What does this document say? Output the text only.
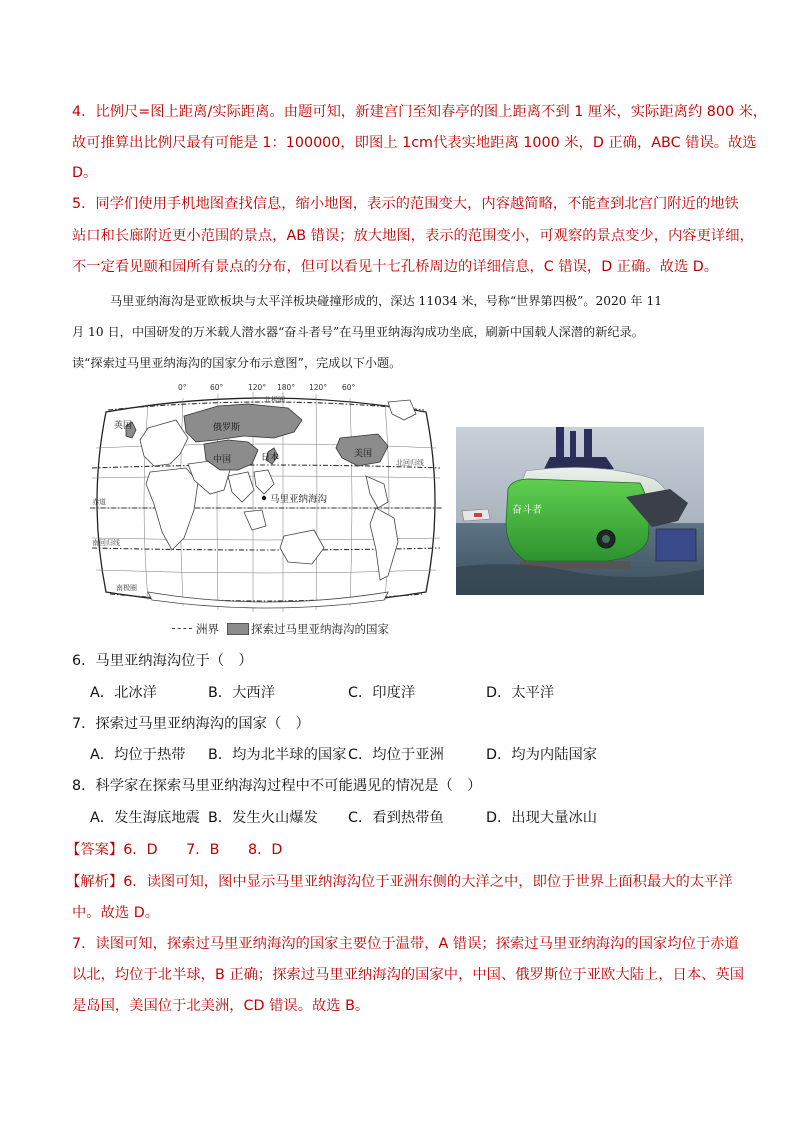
4．比例尺=图上距离/实际距离。由题可知，新建宫门至知春亭的图上距离不到 1 厘米，实际距离约 800 米，
故可推算出比例尺最有可能是 1：100000，即图上 1cm代表实地距离 1000 米，D 正确，ABC 错误。故选
D。
5．同学们使用手机地图查找信息，缩小地图，表示的范围变大，内容越简略，不能查到北宫门附近的地铁
站口和长廊附近更小范围的景点，AB 错误；放大地图，表示的范围变小，可观察的景点变少，内容更详细，
不一定看见颐和园所有景点的分布，但可以看见十七孔桥周边的详细信息，C 错误，D 正确。故选 D。
马里亚纳海沟是亚欧板块与太平洋板块碰撞形成的，深达 11034 米，号称“世界第四极”。2020 年 11
月 10 日，中国研发的万米载人潜水器“奋斗者号”在马里亚纳海沟成功坐底，刷新中国载人深潜的新纪录。
读“探索过马里亚纳海沟的国家分布示意图”，完成以下小题。
0°	60°	120° 180° 120° 60°
英国	俄罗斯
中国	日本	美国
北极圈
北回归线
赤道
南回归线
南极圈
马里亚纳海沟
洲界	探索过马里亚纳海沟的国家
奋斗者
6．马里亚纳海沟位于（　）
A．北冰洋	B．大西洋	C．印度洋	D．太平洋
7．探索过马里亚纳海沟的国家（　）
A．均位于热带 B．均为北半球的国家 C．均位于亚洲	D．均为内陆国家
8．科学家在探索马里亚纳海沟过程中不可能遇见的情况是（　）
A．发生海底地震 B．发生火山爆发 C．看到热带鱼	D．出现大量冰山
【答案】6．D　　7．B　　8．D
【解析】6．读图可知，图中显示马里亚纳海沟位于亚洲东侧的大洋之中，即位于世界上面积最大的太平洋
中。故选 D。
7．读图可知，探索过马里亚纳海沟的国家主要位于温带，A 错误；探索过马里亚纳海沟的国家均位于赤道
以北，均位于北半球，B 正确；探索过马里亚纳海沟的国家中，中国、俄罗斯位于亚欧大陆上，日本、英国
是岛国，美国位于北美洲，CD 错误。故选 B。
